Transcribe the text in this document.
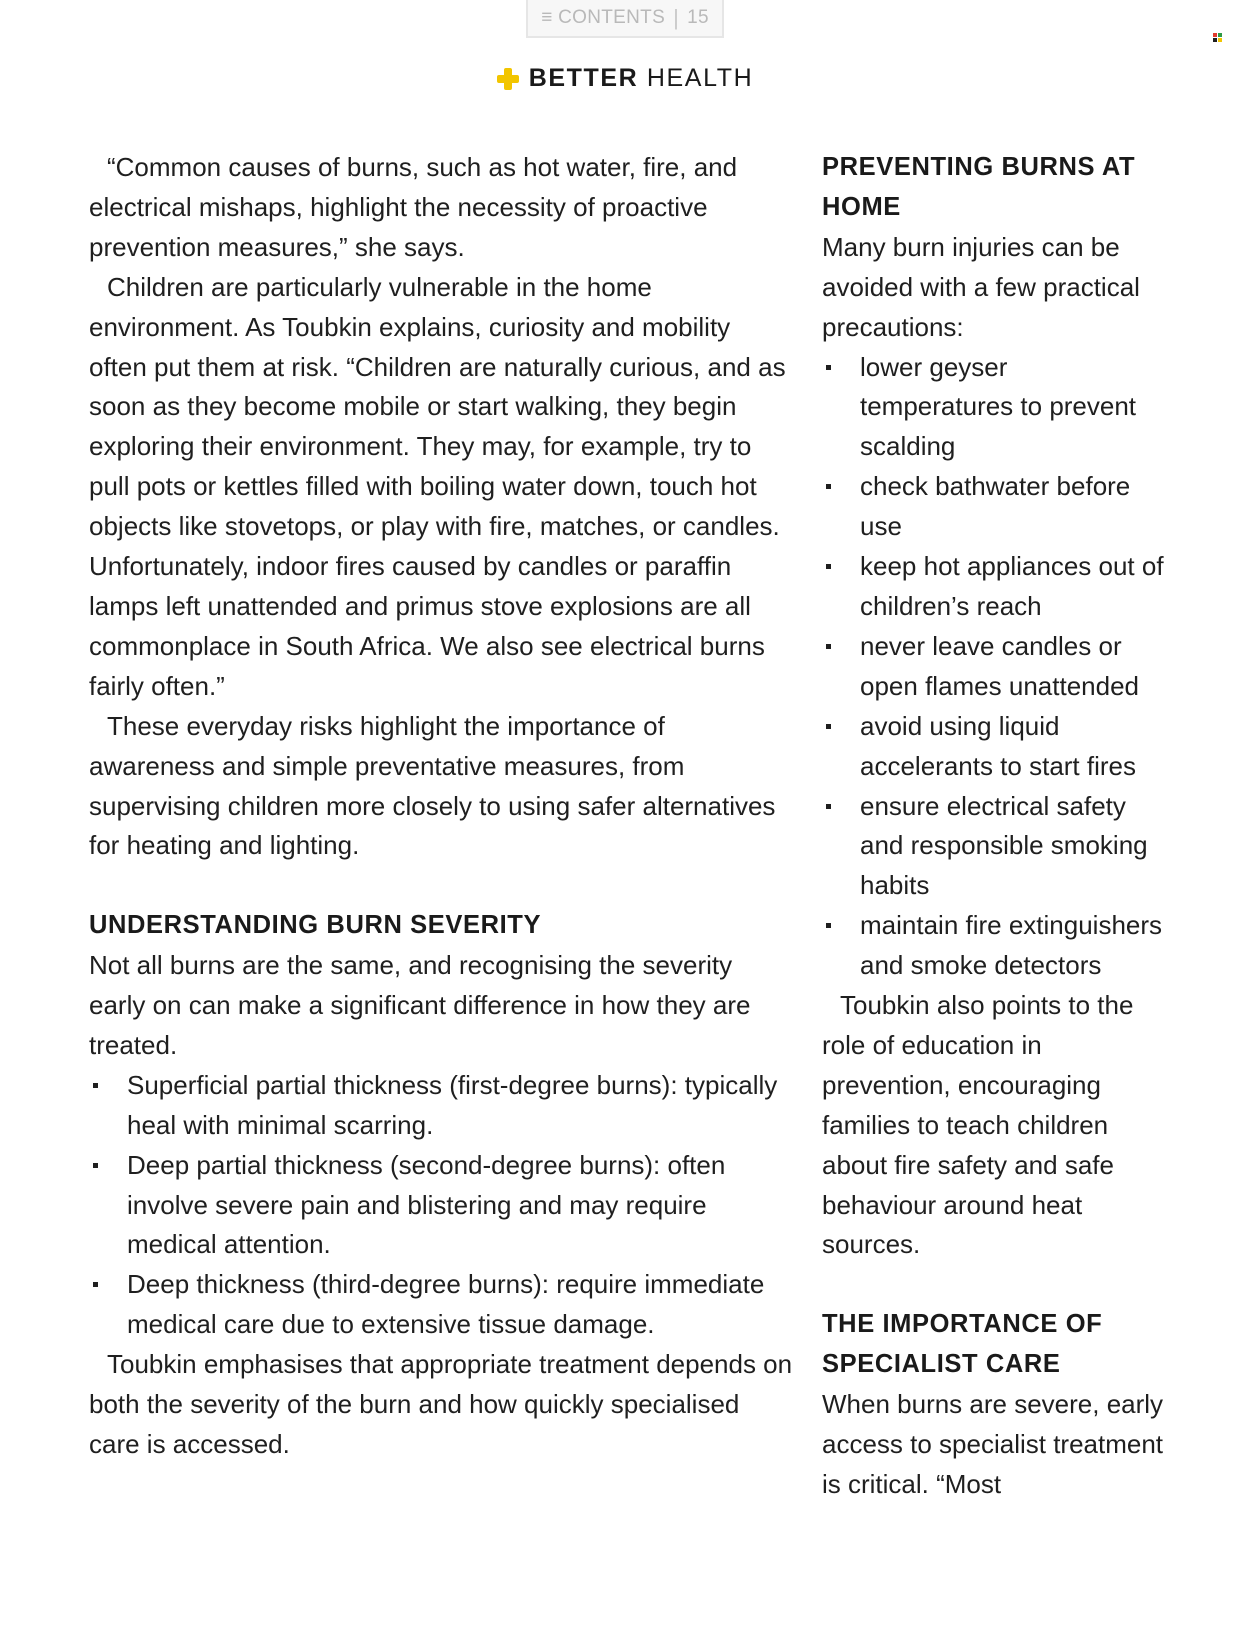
≡ CONTENTS | 15
BETTER HEALTH

“Common causes of burns, such as hot water, fire, and electrical mishaps, highlight the necessity of proactive prevention measures,” she says.

Children are particularly vulnerable in the home environment. As Toubkin explains, curiosity and mobility often put them at risk. “Children are naturally curious, and as soon as they become mobile or start walking, they begin exploring their environment. They may, for example, try to pull pots or kettles filled with boiling water down, touch hot objects like stovetops, or play with fire, matches, or candles. Unfortunately, indoor fires caused by candles or paraffin lamps left unattended and primus stove explosions are all commonplace in South Africa. We also see electrical burns fairly often.”

These everyday risks highlight the importance of awareness and simple preventative measures, from supervising children more closely to using safer alternatives for heating and lighting.

UNDERSTANDING BURN SEVERITY

Not all burns are the same, and recognising the severity early on can make a significant difference in how they are treated.

Superficial partial thickness (first-degree burns): typically heal with minimal scarring.
Deep partial thickness (second-degree burns): often involve severe pain and blistering and may require medical attention.
Deep thickness (third-degree burns): require immediate medical care due to extensive tissue damage.

Toubkin emphasises that appropriate treatment depends on both the severity of the burn and how quickly specialised care is accessed.

PREVENTING BURNS AT HOME

Many burn injuries can be avoided with a few practical precautions:

lower geyser temperatures to prevent scalding
check bathwater before use
keep hot appliances out of children’s reach
never leave candles or open flames unattended
avoid using liquid accelerants to start fires
ensure electrical safety and responsible smoking habits
maintain fire extinguishers and smoke detectors

Toubkin also points to the role of education in prevention, encouraging families to teach children about fire safety and safe behaviour around heat sources.

THE IMPORTANCE OF SPECIALIST CARE

When burns are severe, early access to specialist treatment is critical. “Most
